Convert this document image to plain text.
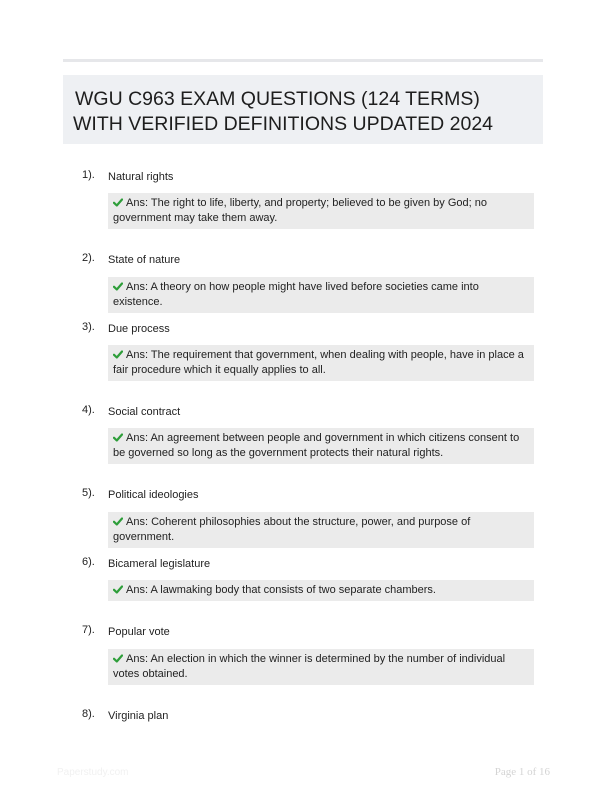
WGU C963 EXAM QUESTIONS (124 TERMS)
WITH VERIFIED DEFINITIONS UPDATED 2024
1). Natural rights
Ans: The right to life, liberty, and property; believed to be given by God; no government may take them away.
2). State of nature
Ans: A theory on how people might have lived before societies came into existence.
3). Due process
Ans: The requirement that government, when dealing with people, have in place a fair procedure which it equally applies to all.
4). Social contract
Ans: An agreement between people and government in which citizens consent to be governed so long as the government protects their natural rights.
5). Political ideologies
Ans: Coherent philosophies about the structure, power, and purpose of government.
6). Bicameral legislature
Ans: A lawmaking body that consists of two separate chambers.
7). Popular vote
Ans: An election in which the winner is determined by the number of individual votes obtained.
8). Virginia plan
Paperstudy.com	Page 1 of 16
